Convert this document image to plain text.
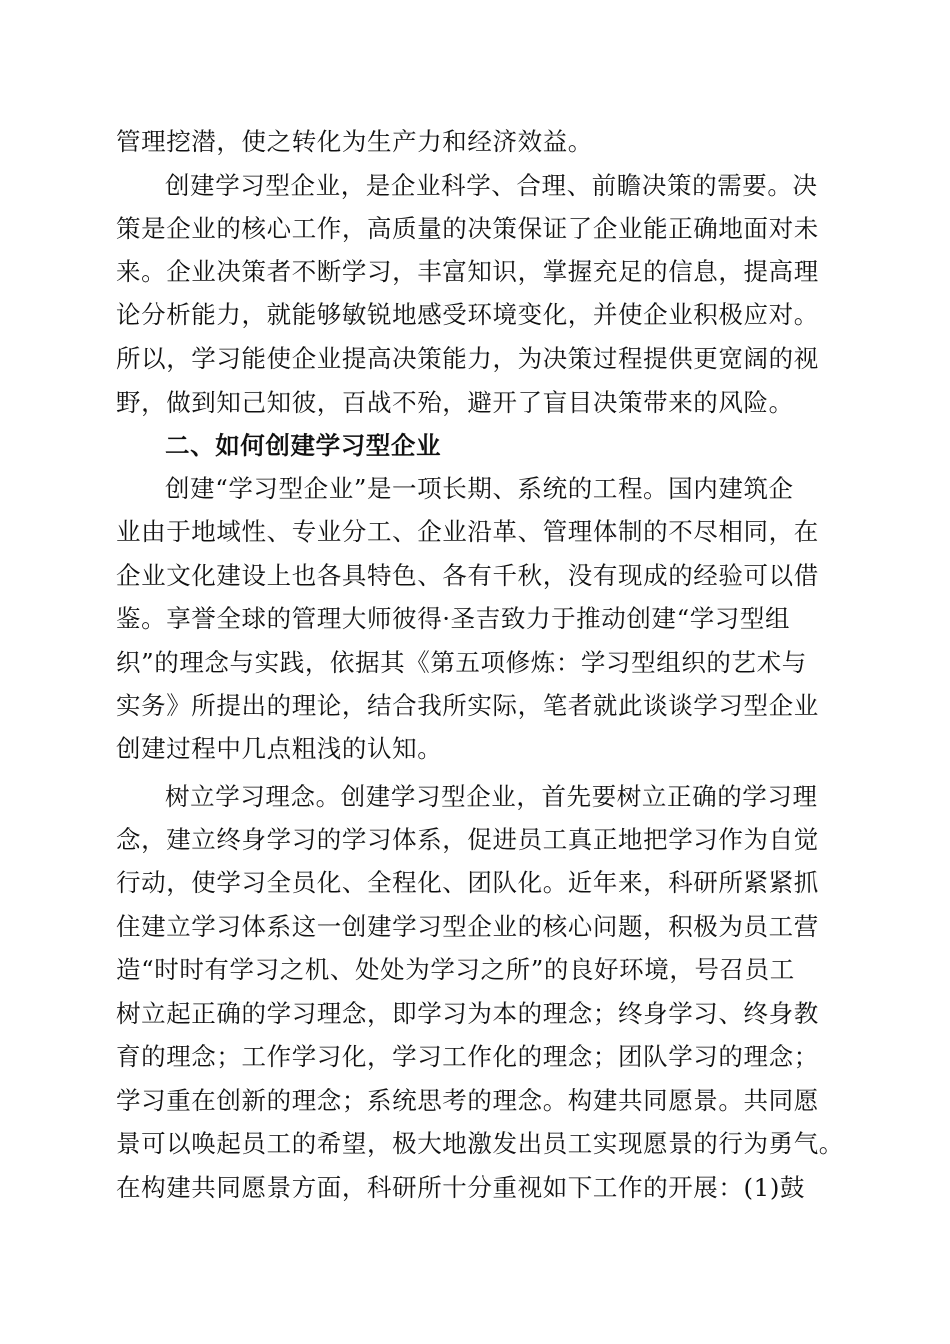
管理挖潜，使之转化为生产力和经济效益。
创建学习型企业，是企业科学、合理、前瞻决策的需要。决
策是企业的核心工作，高质量的决策保证了企业能正确地面对未
来。企业决策者不断学习，丰富知识，掌握充足的信息，提高理
论分析能力，就能够敏锐地感受环境变化，并使企业积极应对。
所以，学习能使企业提高决策能力，为决策过程提供更宽阔的视
野，做到知己知彼，百战不殆，避开了盲目决策带来的风险。
二、如何创建学习型企业
创建“学习型企业”是一项长期、系统的工程。国内建筑企
业由于地域性、专业分工、企业沿革、管理体制的不尽相同，在
企业文化建设上也各具特色、各有千秋，没有现成的经验可以借
鉴。享誉全球的管理大师彼得·圣吉致力于推动创建“学习型组
织”的理念与实践，依据其《第五项修炼：学习型组织的艺术与
实务》所提出的理论，结合我所实际，笔者就此谈谈学习型企业
创建过程中几点粗浅的认知。
树立学习理念。创建学习型企业，首先要树立正确的学习理
念，建立终身学习的学习体系，促进员工真正地把学习作为自觉
行动，使学习全员化、全程化、团队化。近年来，科研所紧紧抓
住建立学习体系这一创建学习型企业的核心问题，积极为员工营
造“时时有学习之机、处处为学习之所”的良好环境，号召员工
树立起正确的学习理念，即学习为本的理念；终身学习、终身教
育的理念；工作学习化，学习工作化的理念；团队学习的理念；
学习重在创新的理念；系统思考的理念。构建共同愿景。共同愿
景可以唤起员工的希望，极大地激发出员工实现愿景的行为勇气。
在构建共同愿景方面，科研所十分重视如下工作的开展：(1)鼓
